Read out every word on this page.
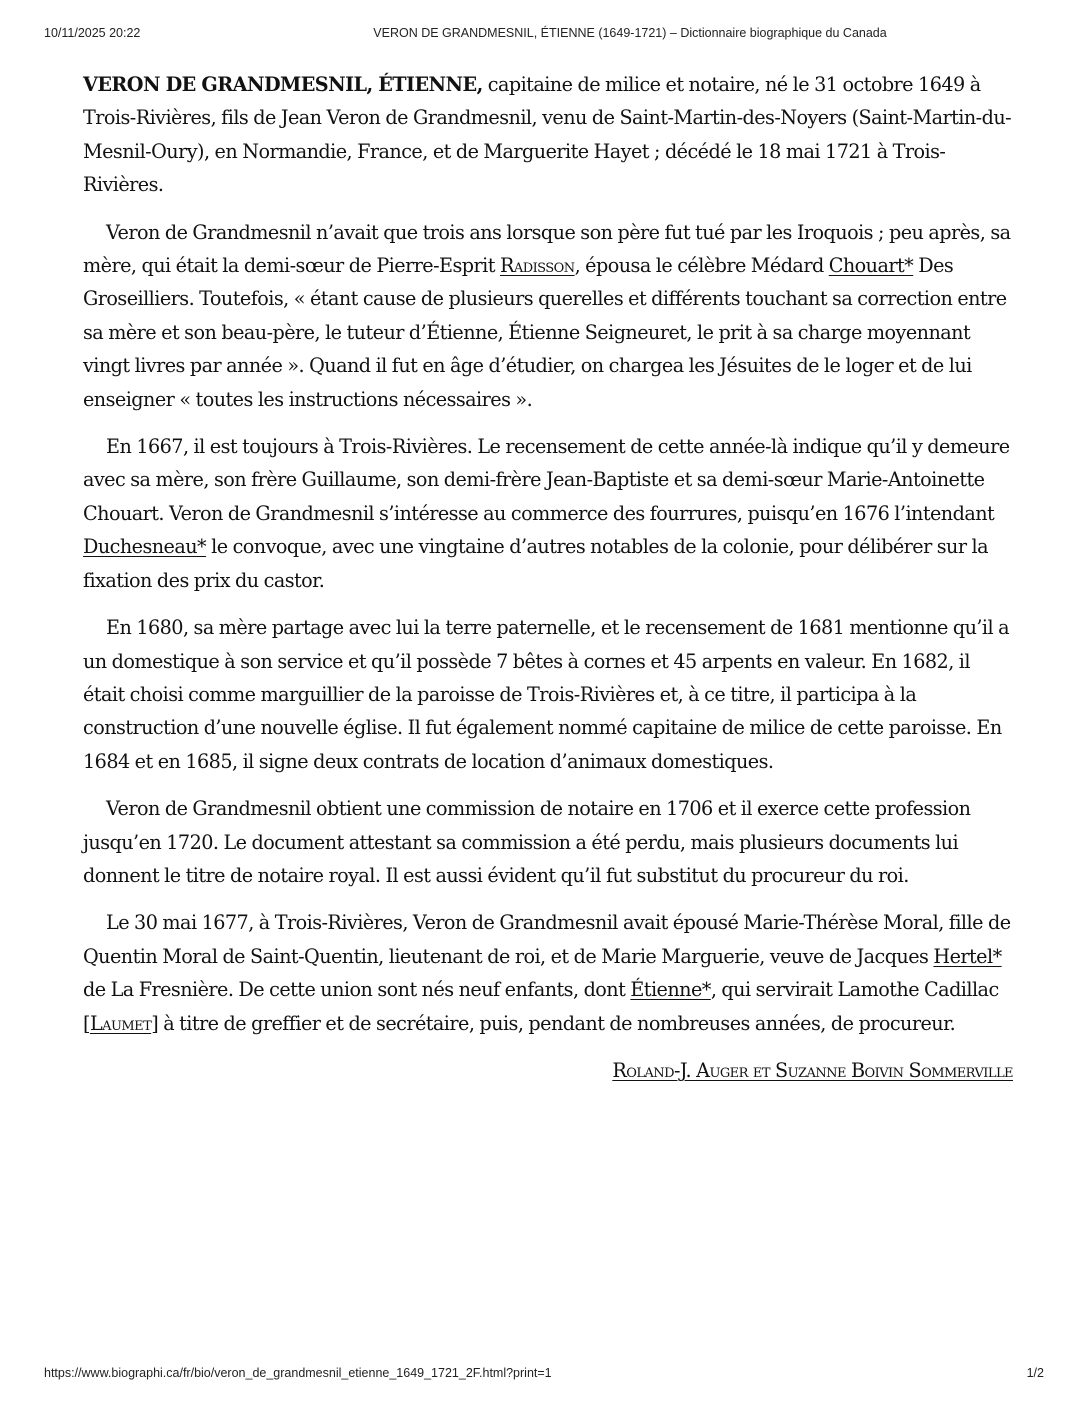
10/11/2025 20:22	VERON DE GRANDMESNIL, ÉTIENNE (1649-1721) – Dictionnaire biographique du Canada

VERON DE GRANDMESNIL, ÉTIENNE, capitaine de milice et notaire, né le 31 octobre 1649 à Trois-Rivières, fils de Jean Veron de Grandmesnil, venu de Saint-Martin-des-Noyers (Saint-Martin-du-Mesnil-Oury), en Normandie, France, et de Marguerite Hayet ; décédé le 18 mai 1721 à Trois-Rivières.

Veron de Grandmesnil n’avait que trois ans lorsque son père fut tué par les Iroquois ; peu après, sa mère, qui était la demi-sœur de Pierre-Esprit Radisson, épousa le célèbre Médard Chouart* Des Groseilliers. Toutefois, « étant cause de plusieurs querelles et différents touchant sa correction entre sa mère et son beau-père, le tuteur d’Étienne, Étienne Seigneuret, le prit à sa charge moyennant vingt livres par année ». Quand il fut en âge d’étudier, on chargea les Jésuites de le loger et de lui enseigner « toutes les instructions nécessaires ».

En 1667, il est toujours à Trois-Rivières. Le recensement de cette année-là indique qu’il y demeure avec sa mère, son frère Guillaume, son demi-frère Jean-Baptiste et sa demi-sœur Marie-Antoinette Chouart. Veron de Grandmesnil s’intéresse au commerce des fourrures, puisqu’en 1676 l’intendant Duchesneau* le convoque, avec une vingtaine d’autres notables de la colonie, pour délibérer sur la fixation des prix du castor.

En 1680, sa mère partage avec lui la terre paternelle, et le recensement de 1681 mentionne qu’il a un domestique à son service et qu’il possède 7 bêtes à cornes et 45 arpents en valeur. En 1682, il était choisi comme marguillier de la paroisse de Trois-Rivières et, à ce titre, il participa à la construction d’une nouvelle église. Il fut également nommé capitaine de milice de cette paroisse. En 1684 et en 1685, il signe deux contrats de location d’animaux domestiques.

Veron de Grandmesnil obtient une commission de notaire en 1706 et il exerce cette profession jusqu’en 1720. Le document attestant sa commission a été perdu, mais plusieurs documents lui donnent le titre de notaire royal. Il est aussi évident qu’il fut substitut du procureur du roi.

Le 30 mai 1677, à Trois-Rivières, Veron de Grandmesnil avait épousé Marie-Thérèse Moral, fille de Quentin Moral de Saint-Quentin, lieutenant de roi, et de Marie Marguerie, veuve de Jacques Hertel* de La Fresnière. De cette union sont nés neuf enfants, dont Étienne*, qui servirait Lamothe Cadillac [Laumet] à titre de greffier et de secrétaire, puis, pendant de nombreuses années, de procureur.

Roland-J. Auger et Suzanne Boivin Sommerville

https://www.biographi.ca/fr/bio/veron_de_grandmesnil_etienne_1649_1721_2F.html?print=1	1/2
